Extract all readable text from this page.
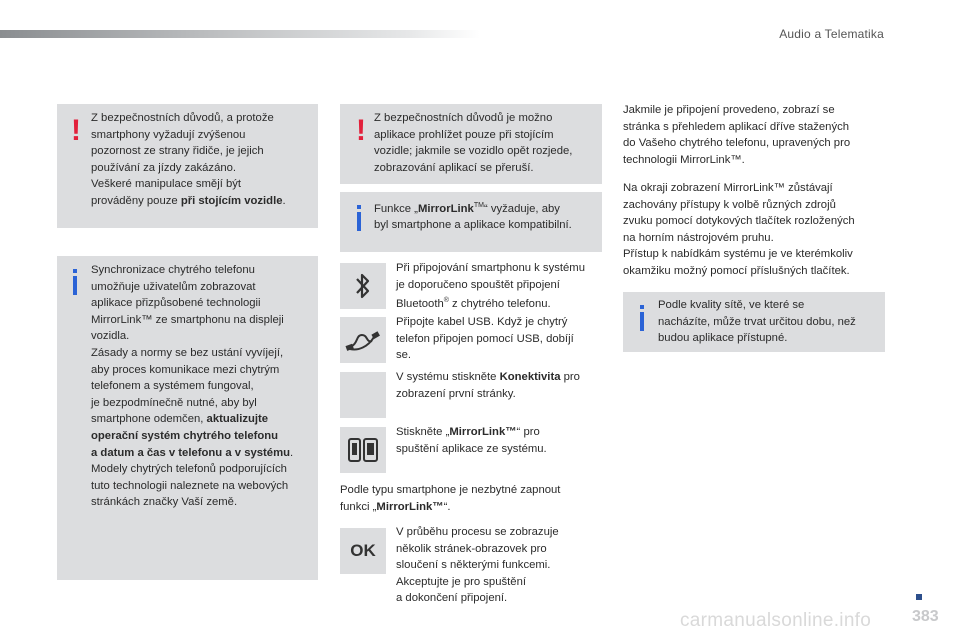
Audio a Telematika
! Z bezpečnostních důvodů, a protože

smartphony vyžadují zvýšenou

pozornost ze strany řidiče, je jejich

používání za jízdy zakázáno.

Veškeré manipulace smějí být

prováděny pouze při stojícím vozidle.

Synchronizace chytrého telefonu

umožňuje uživatelům zobrazovat

aplikace přizpůsobené technologii

MirrorLink™ ze smartphonu na displeji

vozidla.

Zásady a normy se bez ustání vyvíjejí,

aby proces komunikace mezi chytrým

telefonem a systémem fungoval,

je bezpodmínečně nutné, aby byl

smartphone odemčen, aktualizujte

operační systém chytrého telefonu

a datum a čas v telefonu a v systému.

Modely chytrých telefonů podporujících

tuto technologii naleznete na webových

stránkách značky Vaší země.

! Z bezpečnostních důvodů je možno

aplikace prohlížet pouze při stojícím

vozidle; jakmile se vozidlo opět rozjede,

zobrazování aplikací se přeruší.

Funkce „MirrorLink™“ vyžaduje, aby

byl smartphone a aplikace kompatibilní.

Při připojování smartphonu k systému

je doporučeno spouštět připojení

Bluetooth® z chytrého telefonu.

Připojte kabel USB. Když je chytrý

telefon připojen pomocí USB, dobíjí

se.

V systému stiskněte Konektivita pro

zobrazení první stránky.

Stiskněte „MirrorLink™“ pro

spuštění aplikace ze systému.

Podle typu smartphone je nezbytné zapnout

funkci „MirrorLink™“.

OK

V průběhu procesu se zobrazuje

několik stránek-obrazovek pro

sloučení s některými funkcemi.

Akceptujte je pro spuštění

a dokončení připojení.

Jakmile je připojení provedeno, zobrazí se

stránka s přehledem aplikací dříve stažených

do Vašeho chytrého telefonu, upravených pro

technologii MirrorLink™.

Na okraji zobrazení MirrorLink™ zůstávají

zachovány přístupy k volbě různých zdrojů

zvuku pomocí dotykových tlačítek rozložených

na horním nástrojovém pruhu.

Přístup k nabídkám systému je ve kterémkoliv

okamžiku možný pomocí příslušných tlačítek.

Podle kvality sítě, ve které se

nacházíte, může trvat určitou dobu, než

budou aplikace přístupné.

383
carmanualsonline.info
